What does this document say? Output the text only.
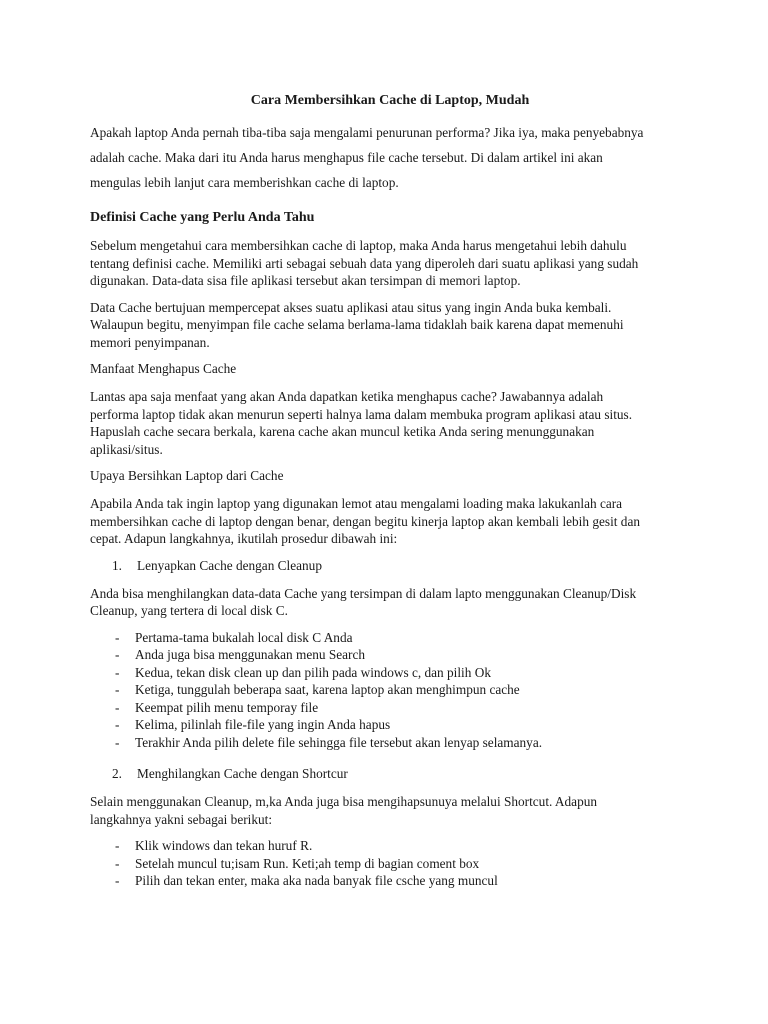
Cara Membersihkan Cache di Laptop, Mudah
Apakah laptop Anda pernah tiba-tiba saja mengalami penurunan performa? Jika iya, maka penyebabnya
adalah cache. Maka dari itu Anda harus menghapus file cache tersebut. Di dalam artikel ini akan
mengulas lebih lanjut cara memberishkan cache di laptop.
Definisi Cache yang Perlu Anda Tahu
Sebelum mengetahui cara membersihkan cache di laptop, maka Anda harus mengetahui lebih dahulu
tentang definisi cache. Memiliki arti sebagai sebuah data yang diperoleh dari suatu aplikasi yang sudah
digunakan. Data-data sisa file aplikasi tersebut akan tersimpan di memori laptop.
Data Cache bertujuan mempercepat akses suatu aplikasi atau situs yang ingin Anda buka kembali.
Walaupun begitu, menyimpan file cache selama berlama-lama tidaklah baik karena dapat memenuhi
memori penyimpanan.
Manfaat Menghapus Cache
Lantas apa saja menfaat yang akan Anda dapatkan ketika menghapus cache? Jawabannya adalah
performa laptop tidak akan menurun seperti halnya lama dalam membuka program aplikasi atau situs.
Hapuslah cache secara berkala, karena cache akan muncul ketika Anda sering menunggunakan
aplikasi/situs.
Upaya Bersihkan Laptop dari Cache
Apabila Anda tak ingin laptop yang digunakan lemot atau mengalami loading maka lakukanlah cara
membersihkan cache di laptop dengan benar, dengan begitu kinerja laptop akan kembali lebih gesit dan
cepat. Adapun langkahnya, ikutilah prosedur dibawah ini:
1.	Lenyapkan Cache dengan Cleanup
Anda bisa menghilangkan data-data Cache yang tersimpan di dalam lapto menggunakan Cleanup/Disk
Cleanup, yang tertera di local disk C.
- Pertama-tama bukalah local disk C Anda
- Anda juga bisa menggunakan menu Search
- Kedua, tekan disk clean up dan pilih pada windows c, dan pilih Ok
- Ketiga, tunggulah beberapa saat, karena laptop akan menghimpun cache
- Keempat pilih menu temporay file
- Kelima, pilinlah file-file yang ingin Anda hapus
- Terakhir Anda pilih delete file sehingga file tersebut akan lenyap selamanya.
2.	Menghilangkan Cache dengan Shortcur
Selain menggunakan Cleanup, m,ka Anda juga bisa mengihapsunuya melalui Shortcut. Adapun
langkahnya yakni sebagai berikut:
- Klik windows dan tekan huruf R.
- Setelah muncul tu;isam Run. Keti;ah temp di bagian coment box
- Pilih dan tekan enter, maka aka nada banyak file csche yang muncul
